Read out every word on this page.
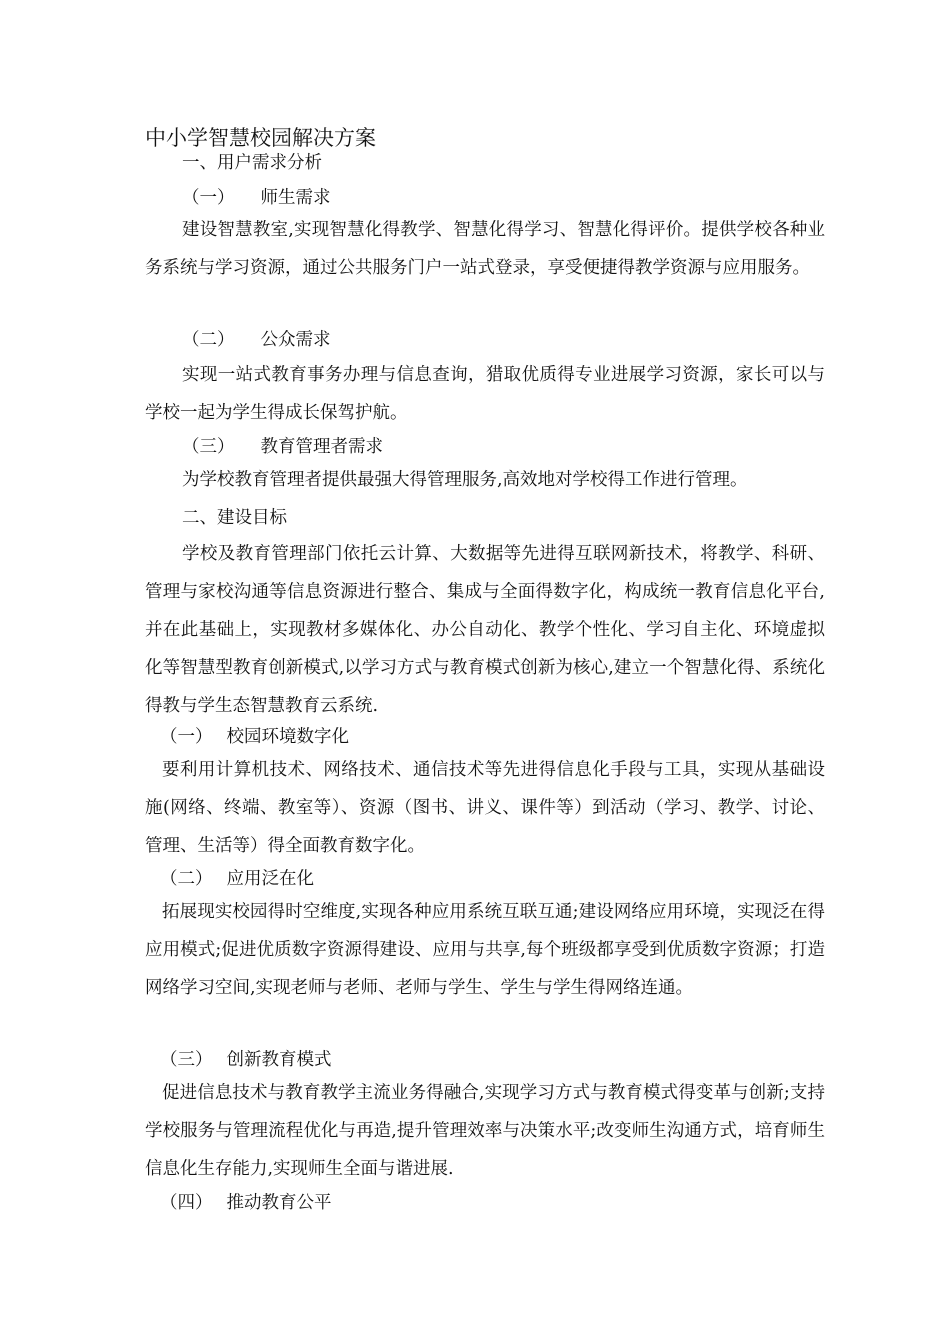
中小学智慧校园解决方案
一、用户需求分析
（一） 师生需求
建设智慧教室,实现智慧化得教学、智慧化得学习、智慧化得评价。提供学校各种业务系统与学习资源，通过公共服务门户一站式登录，享受便捷得教学资源与应用服务。
（二） 公众需求
实现一站式教育事务办理与信息查询，猎取优质得专业进展学习资源，家长可以与学校一起为学生得成长保驾护航。
（三） 教育管理者需求
为学校教育管理者提供最强大得管理服务,高效地对学校得工作进行管理。
二、建设目标
学校及教育管理部门依托云计算、大数据等先进得互联网新技术，将教学、科研、管理与家校沟通等信息资源进行整合、集成与全面得数字化，构成统一教育信息化平台,并在此基础上，实现教材多媒体化、办公自动化、教学个性化、学习自主化、环境虚拟化等智慧型教育创新模式,以学习方式与教育模式创新为核心,建立一个智慧化得、系统化得教与学生态智慧教育云系统.
（一） 校园环境数字化
要利用计算机技术、网络技术、通信技术等先进得信息化手段与工具，实现从基础设施(网络、终端、教室等）、资源（图书、讲义、课件等）到活动（学习、教学、讨论、管理、生活等）得全面教育数字化。
（二） 应用泛在化
拓展现实校园得时空维度,实现各种应用系统互联互通;建设网络应用环境，实现泛在得应用模式;促进优质数字资源得建设、应用与共享,每个班级都享受到优质数字资源；打造网络学习空间,实现老师与老师、老师与学生、学生与学生得网络连通。
（三） 创新教育模式
促进信息技术与教育教学主流业务得融合,实现学习方式与教育模式得变革与创新;支持学校服务与管理流程优化与再造,提升管理效率与决策水平;改变师生沟通方式，培育师生信息化生存能力,实现师生全面与谐进展.
（四） 推动教育公平
